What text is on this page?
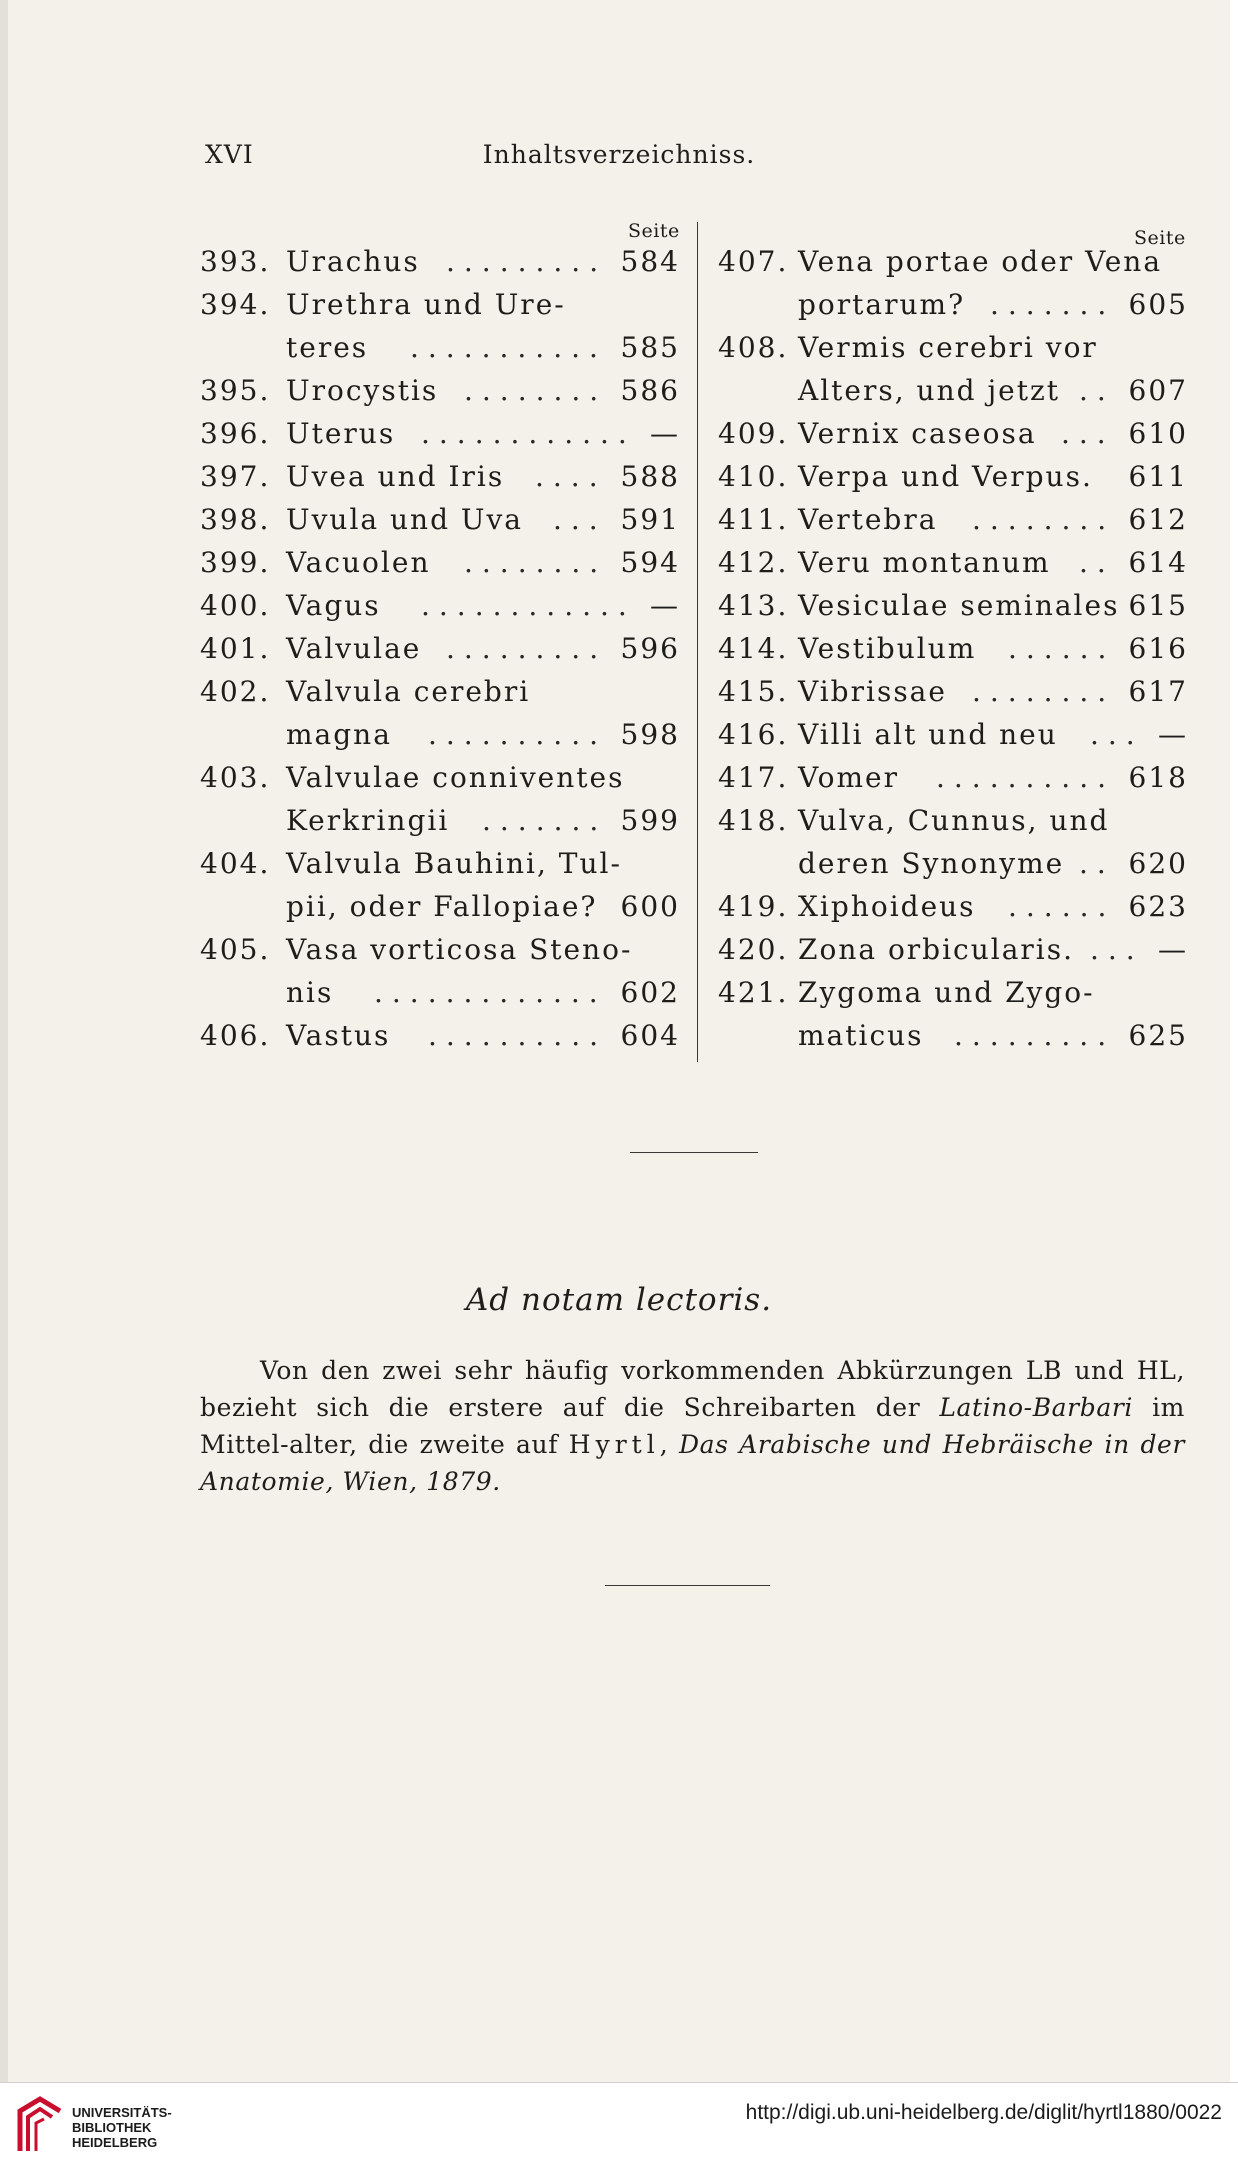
XVI	Inhaltsverzeichniss.
Seite	Seite
393. Urachus	584
.........
394. Urethra und Ure-
teres	585
...........
395. Urocystis	586
........
396. Uterus	—
............
397. Uvea und Iris	588
....
398. Uvula und Uva	591
...
399. Vacuolen	594
........
400. Vagus	—
............
401. Valvulae	596
.........
402. Valvula cerebri
magna	598
..........
403. Valvulae conniventes
Kerkringii	599
.......
404. Valvula Bauhini, Tul-
pii, oder Fallopiae? 600
405. Vasa vorticosa Steno-
nis	602
.............
406. Vastus	604
..........
407. Vena portae oder Vena
portarum?	605
.......
408. Vermis cerebri vor
Alters, und jetzt 607
..
409. Vernix caseosa	610
...
410. Verpa und Verpus. 611
411. Vertebra	612
........
412. Veru montanum	614
..
413. Vesiculae seminales 615
414. Vestibulum	616
......
415. Vibrissae	617
........
416. Villi alt und neu	—
...
417. Vomer	618
..........
418. Vulva, Cunnus, und
deren Synonyme 620
..
419. Xiphoideus	623
......
420. Zona orbicularis.	—
...
421. Zygoma und Zygo-
maticus	625
.........
Ad notam lectoris.

Von den zwei sehr häufig vorkommenden Abkürzungen LB und HL, bezieht sich die erstere auf die Schreibarten der Latino-Barbari im Mittel-alter, die zweite auf Hyrtl, Das Arabische und Hebräische in der Anatomie, Wien, 1879.

UNIVERSITÄTS-
BIBLIOTHEK
HEIDELBERG
http://digi.ub.uni-heidelberg.de/diglit/hyrtl1880/0022
